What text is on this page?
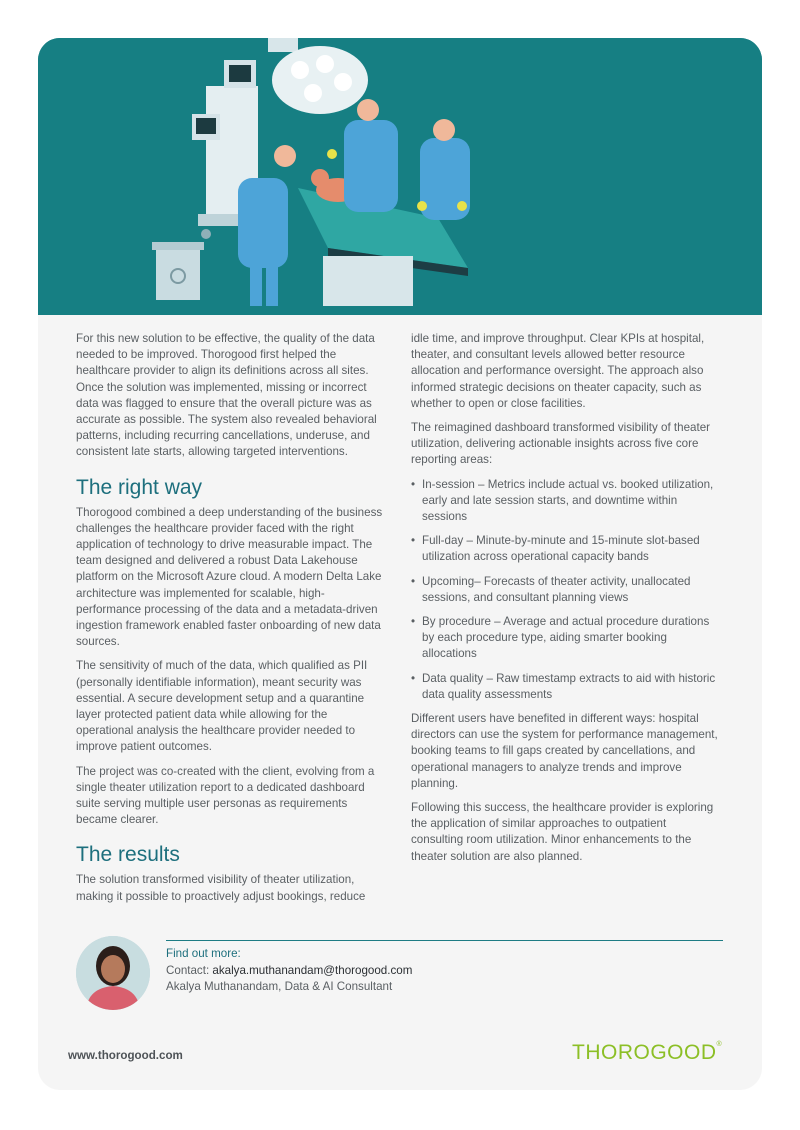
For this new solution to be effective, the quality of the data needed to be improved. Thorogood first helped the healthcare provider to align its definitions across all sites. Once the solution was implemented, missing or incorrect data was flagged to ensure that the overall picture was as accurate as possible. The system also revealed behavioral patterns, including recurring cancellations, underuse, and consistent late starts, allowing targeted interventions.

The right way

Thorogood combined a deep understanding of the business challenges the healthcare provider faced with the right application of technology to drive measurable impact. The team designed and delivered a robust Data Lakehouse platform on the Microsoft Azure cloud. A modern Delta Lake architecture was implemented for scalable, high-performance processing of the data and a metadata-driven ingestion framework enabled faster onboarding of new data sources.

The sensitivity of much of the data, which qualified as PII (personally identifiable information), meant security was essential. A secure development setup and a quarantine layer protected patient data while allowing for the operational analysis the healthcare provider needed to improve patient outcomes.

The project was co-created with the client, evolving from a single theater utilization report to a dedicated dashboard suite serving multiple user personas as requirements became clearer.

The results

The solution transformed visibility of theater utilization, making it possible to proactively adjust bookings, reduce

idle time, and improve throughput. Clear KPIs at hospital, theater, and consultant levels allowed better resource allocation and performance oversight. The approach also informed strategic decisions on theater capacity, such as whether to open or close facilities.

The reimagined dashboard transformed visibility of theater utilization, delivering actionable insights across five core reporting areas:

• In-session – Metrics include actual vs. booked utilization, early and late session starts, and downtime within sessions
• Full-day – Minute-by-minute and 15-minute slot-based utilization across operational capacity bands
• Upcoming– Forecasts of theater activity, unallocated sessions, and consultant planning views
• By procedure – Average and actual procedure durations by each procedure type, aiding smarter booking allocations
• Data quality – Raw timestamp extracts to aid with historic data quality assessments

Different users have benefited in different ways: hospital directors can use the system for performance management, booking teams to fill gaps created by cancellations, and operational managers to analyze trends and improve planning.

Following this success, the healthcare provider is exploring the application of similar approaches to outpatient consulting room utilization. Minor enhancements to the theater solution are also planned.

Find out more:
Contact: akalya.muthanandam@thorogood.com
Akalya Muthanandam, Data & AI Consultant
www.thorogood.com	THOROGOOD®
